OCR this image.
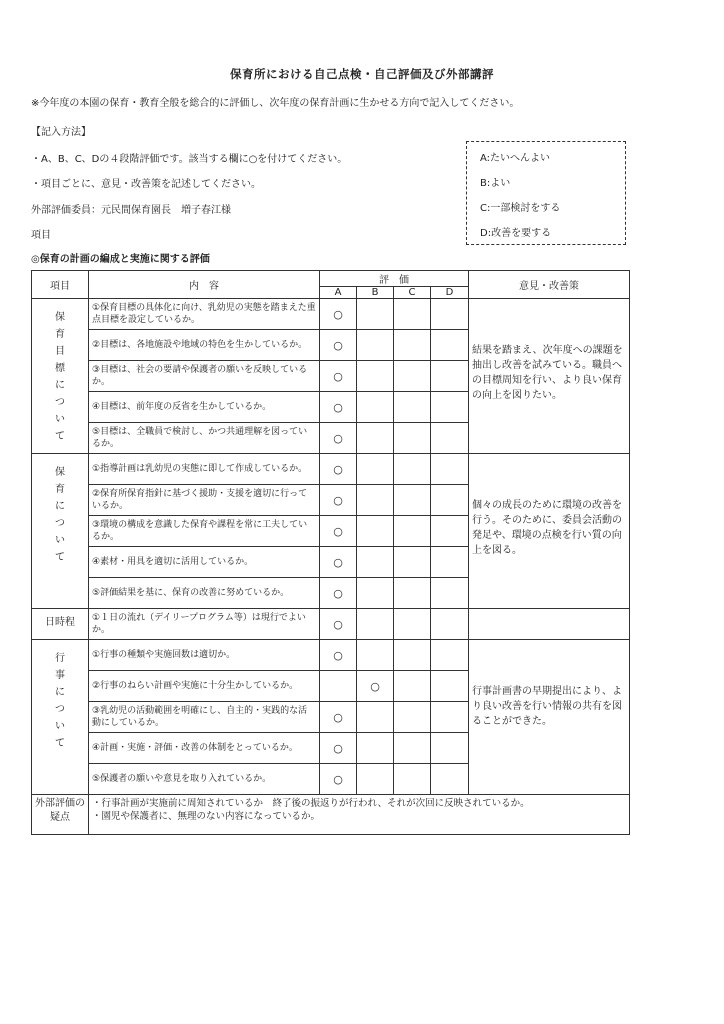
保育所における自己点検・自己評価及び外部講評
※今年度の本園の保育・教育全般を総合的に評価し、次年度の保育計画に生かせる方向で記入してください。
【記入方法】
・A、B、C、Dの４段階評価です。該当する欄に○を付けてください。
・項目ごとに、意見・改善策を記述してください。
外部評価委員：元民間保育園長　増子春江様
項目
A:たいへんよい
B:よい
C:一部検討をする
D:改善を要する
◎保育の計画の編成と実施に関する評価
項目	内　容	評　価				意見・改善策
		A	B	C	D	

保育目標について	①保育目標の具体化に向け、乳幼児の実態を踏まえた重点目標を設定しているか。	○				結果を踏まえ、次年度への課題を抽出し改善を試みている。職員への目標周知を行い、より良い保育の向上を図りたい。

	②目標は、各地施設や地域の特色を生かしているか。	○				
	③目標は、社会の要請や保護者の願いを反映しているか。	○				
	④目標は、前年度の反省を生かしているか。	○				
	⑤目標は、全職員で検討し、かつ共通理解を図っているか。	○				

保育について	①指導計画は乳幼児の実態に即して作成しているか。	○				個々の成長のために環境の改善を行う。そのために、委員会活動の発足や、環境の点検を行い質の向上を図る。

	②保育所保育指針に基づく援助・支援を適切に行っているか。	○				
	③環境の構成を意識した保育や課程を常に工夫しているか。	○				
	④素材・用具を適切に活用しているか。	○				
	⑤評価結果を基に、保育の改善に努めているか。	○				

日時程	①１日の流れ（デイリープログラム等）は現行でよいか。	○				

行事について	①行事の種類や実施回数は適切か。	○				行事計画書の早期提出により、より良い改善を行い情報の共有を図ることができた。

	②行事のねらい計画や実施に十分生かしているか。		○			
	③乳幼児の活動範囲を明確にし、自主的・実践的な活動にしているか。	○				
	④計画・実施・評価・改善の体制をとっているか。	○				
	⑤保護者の願いや意見を取り入れているか。	○				

外部評価の疑点	・行事計画が実施前に周知されているか　終了後の振返りが行われ、それが次回に反映されているか。
・園児や保護者に、無理のない内容になっているか。					
